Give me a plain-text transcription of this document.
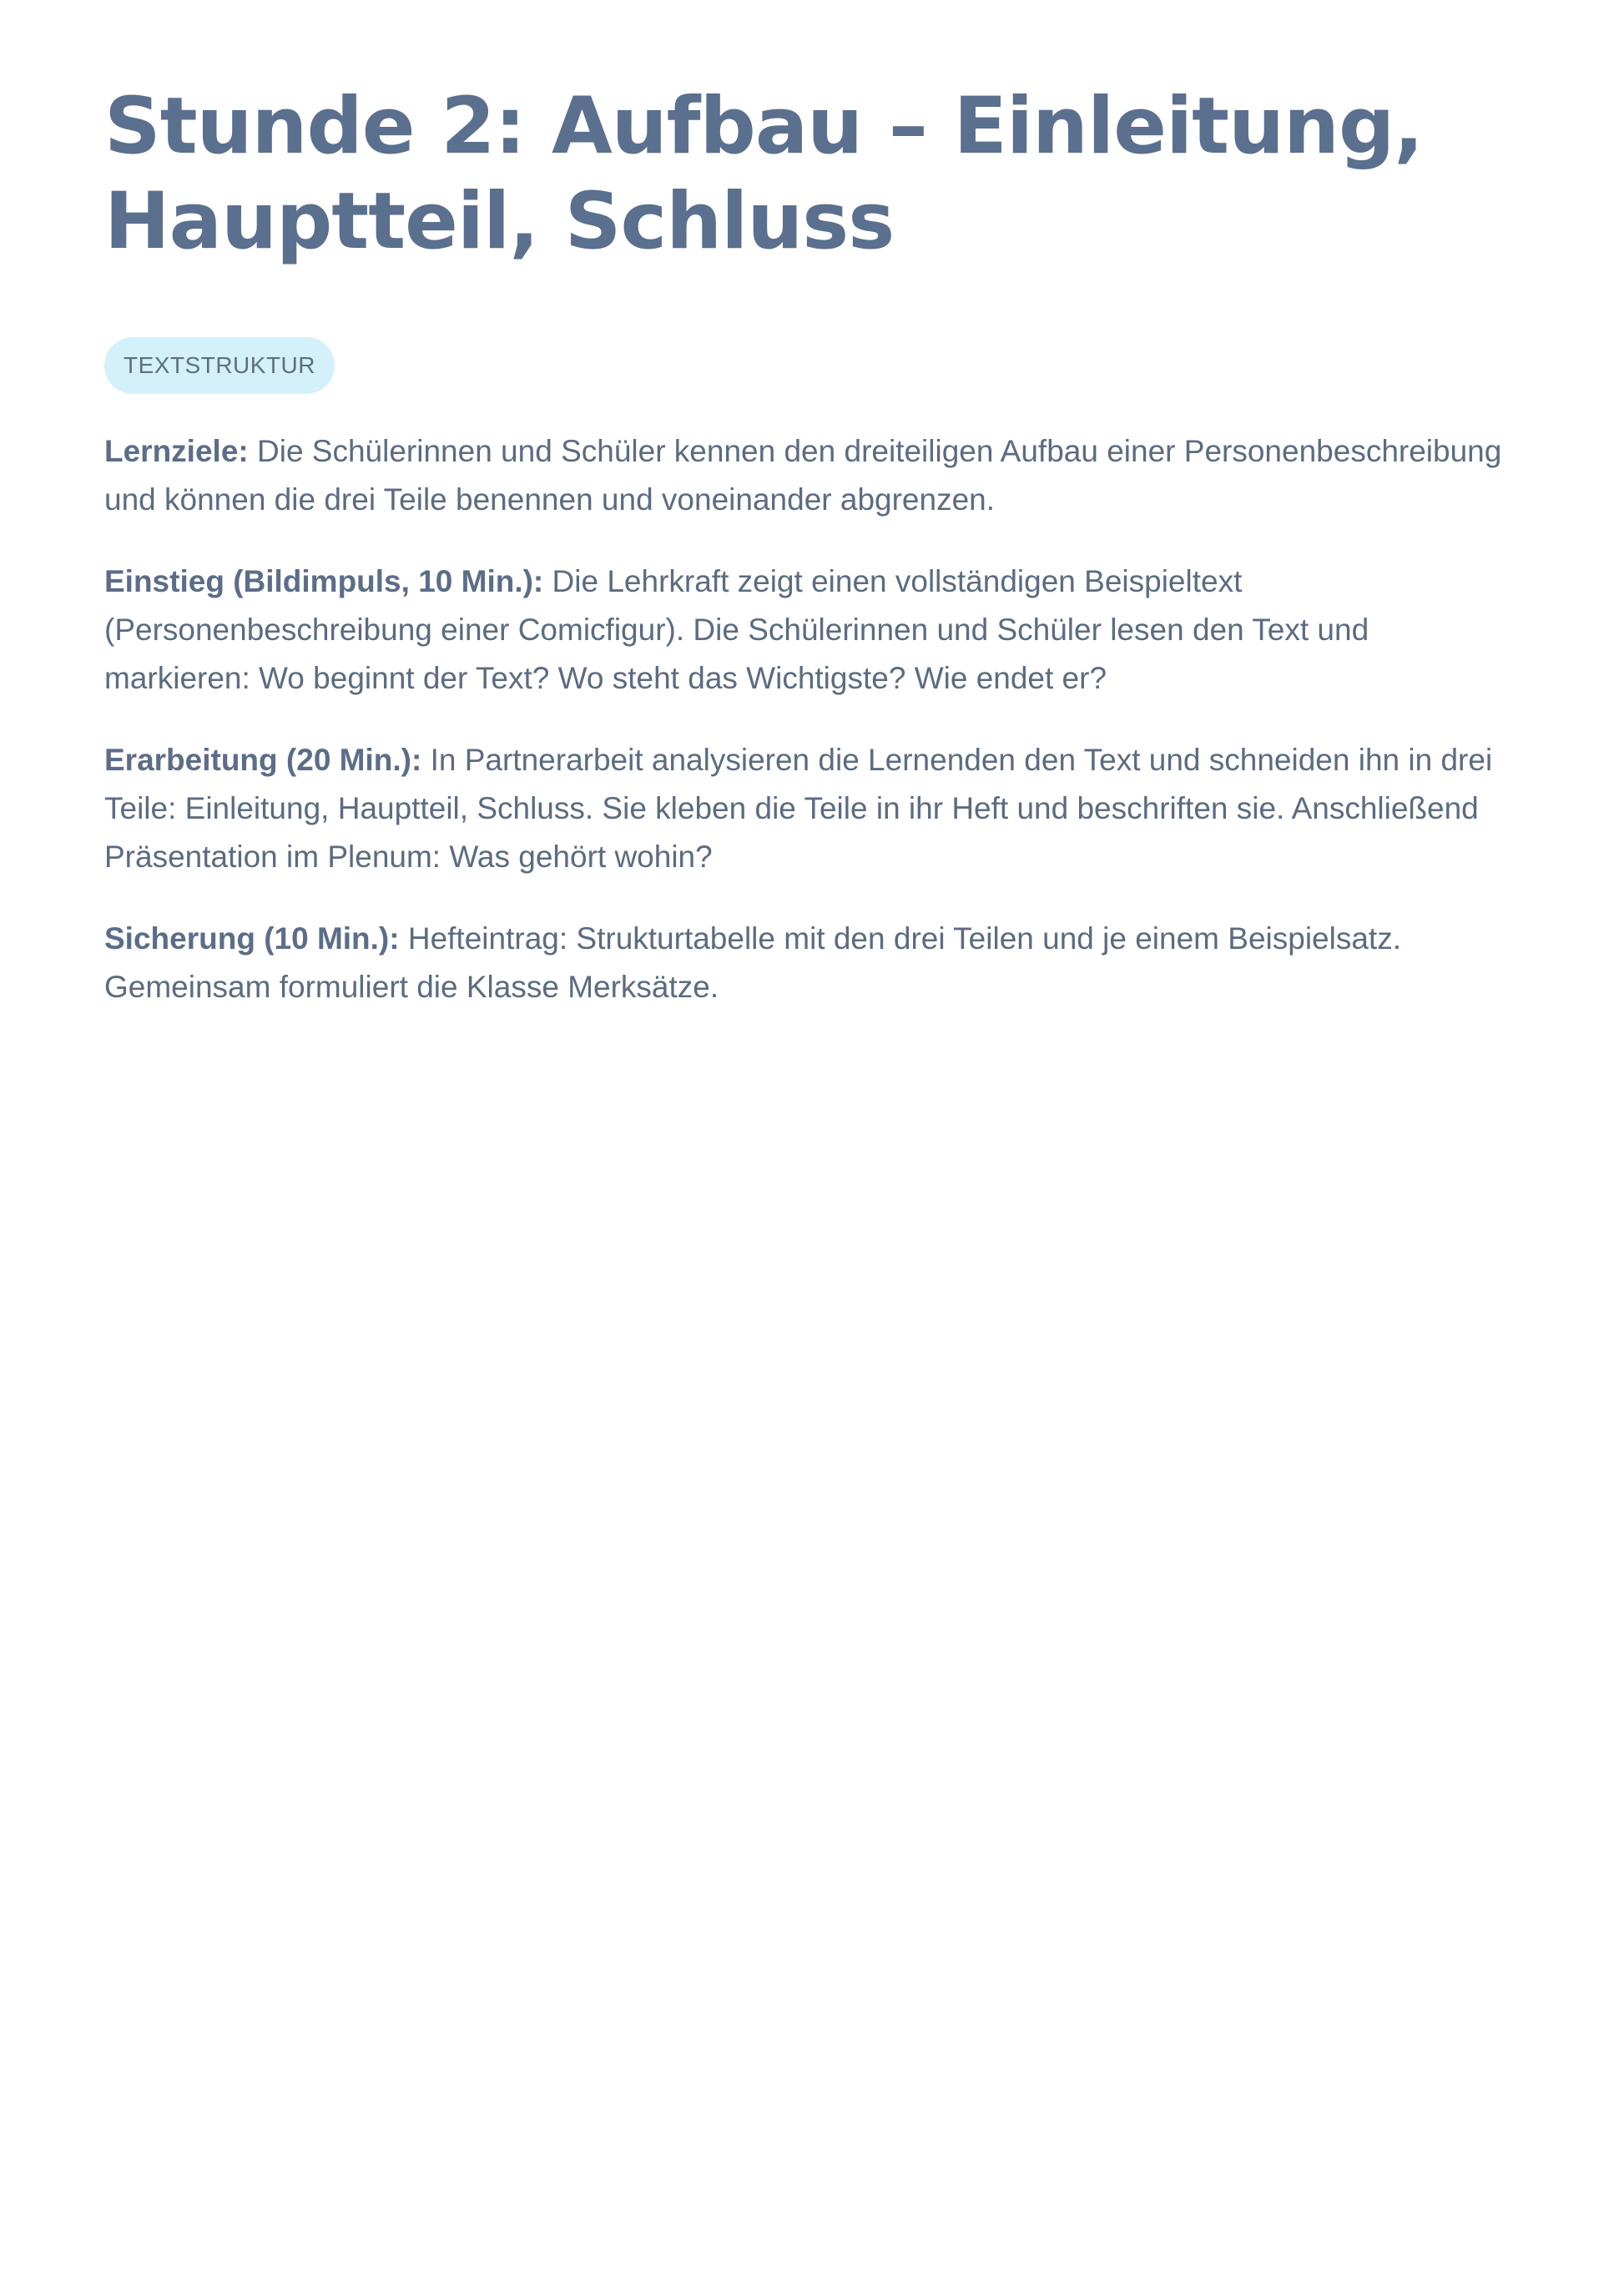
Stunde 2: Aufbau – Einleitung, Hauptteil, Schluss
TEXTSTRUKTUR

Lernziele: Die Schülerinnen und Schüler kennen den dreiteiligen Aufbau einer Personenbeschreibung und können die drei Teile benennen und voneinander abgrenzen.

Einstieg (Bildimpuls, 10 Min.): Die Lehrkraft zeigt einen vollständigen Beispieltext (Personenbeschreibung einer Comicfigur). Die Schülerinnen und Schüler lesen den Text und markieren: Wo beginnt der Text? Wo steht das Wichtigste? Wie endet er?

Erarbeitung (20 Min.): In Partnerarbeit analysieren die Lernenden den Text und schneiden ihn in drei Teile: Einleitung, Hauptteil, Schluss. Sie kleben die Teile in ihr Heft und beschriften sie. Anschließend Präsentation im Plenum: Was gehört wohin?

Sicherung (10 Min.): Hefteintrag: Strukturtabelle mit den drei Teilen und je einem Beispielsatz. Gemeinsam formuliert die Klasse Merksätze.
